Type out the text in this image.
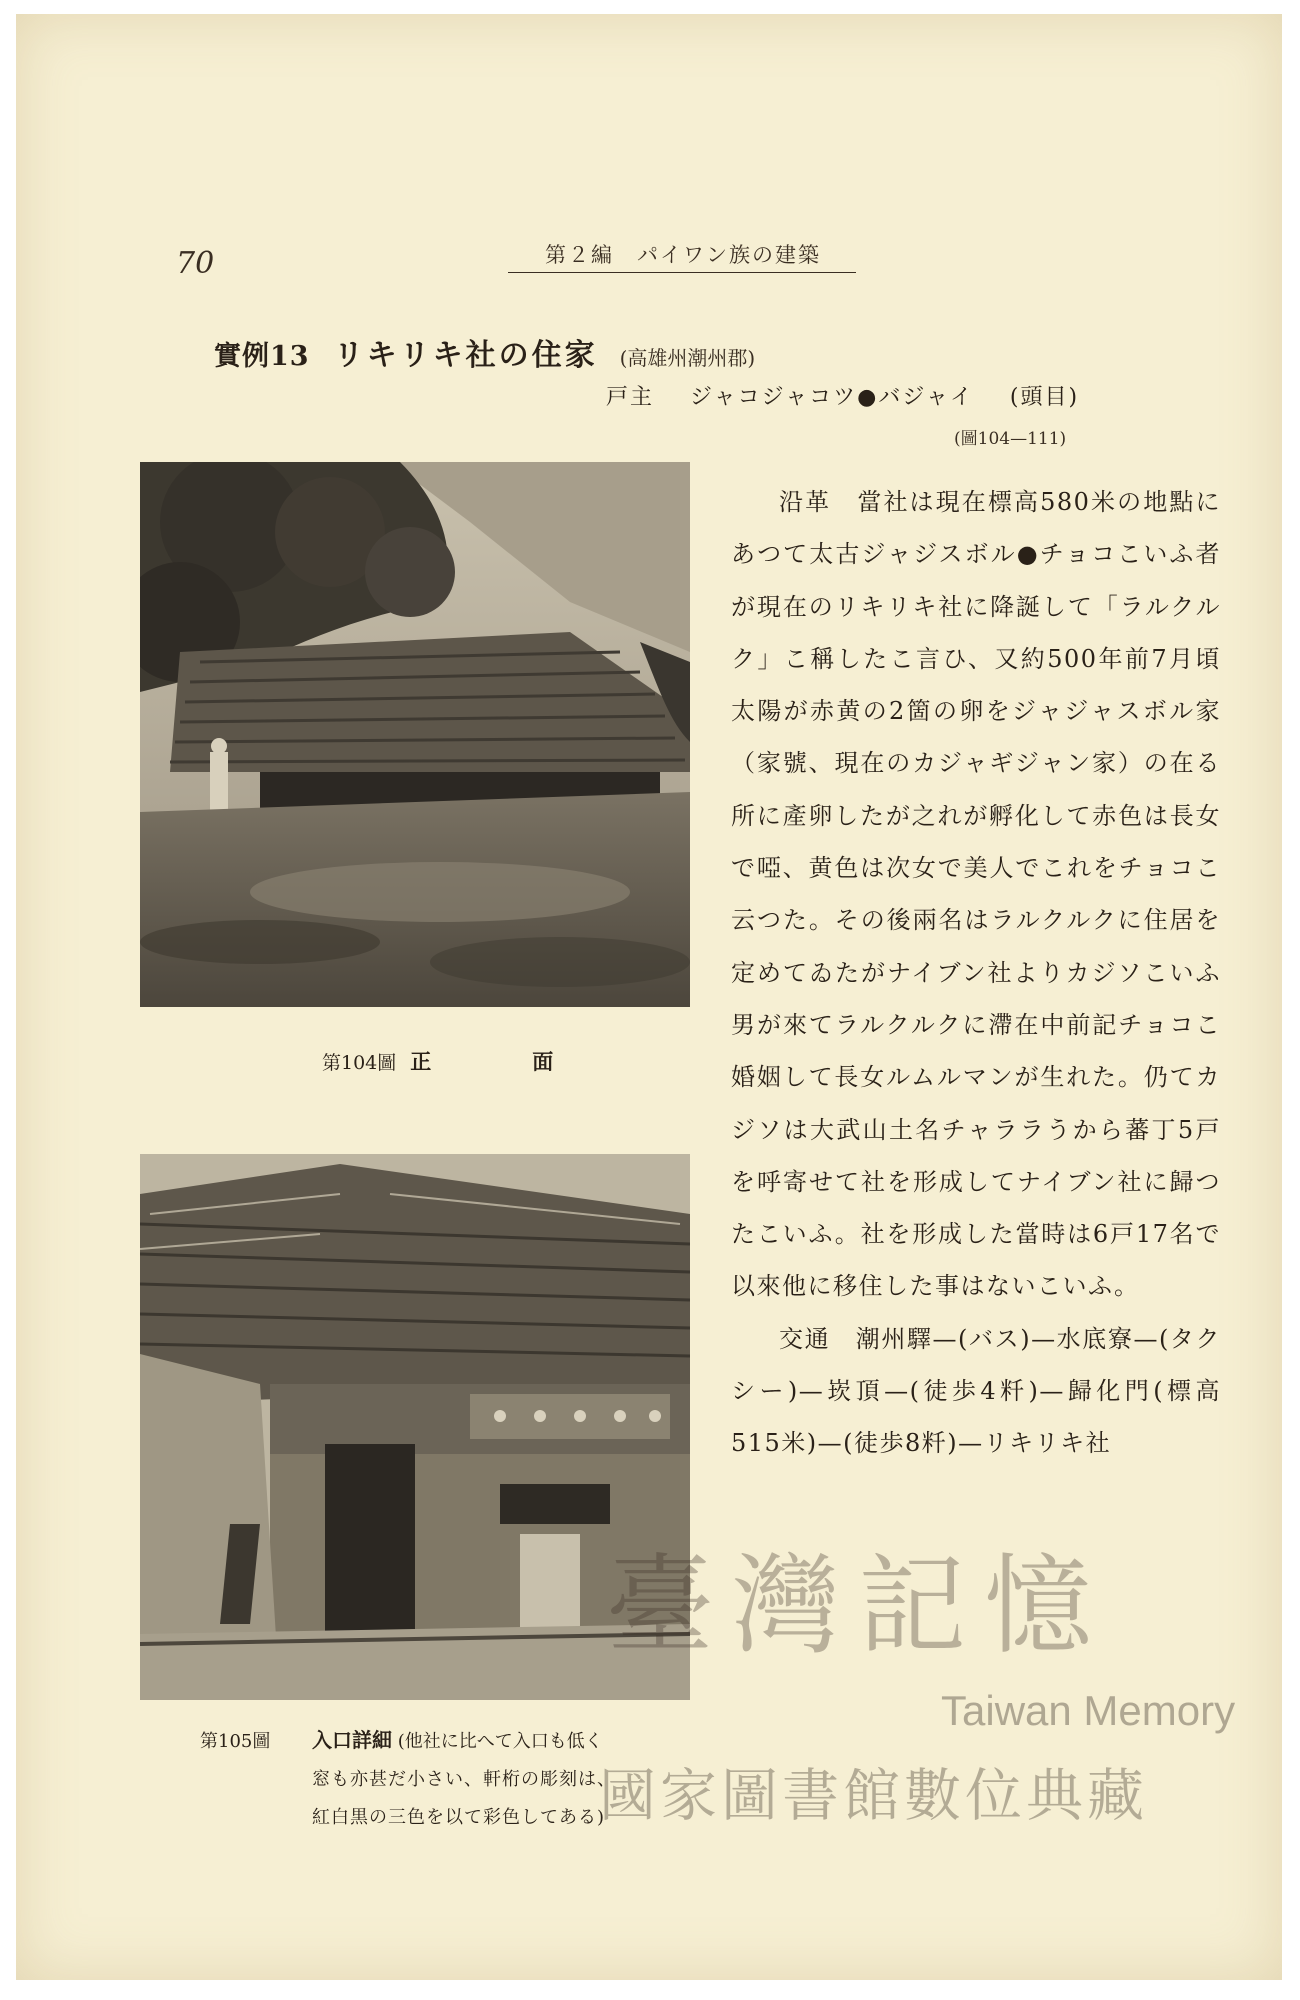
70	第２編　パイワン族の建築
實例13 リキリキ社の住家 (高雄州潮州郡)
戸主 ジャコジャコツ●バジャイ (頭目)
(圖104—111)
第104圖 正　面
第105圖 入口詳細 (他社に比へて入口も低く
窓も亦甚だ小さい、軒桁の彫刻は、
紅白黒の三色を以て彩色してある)

沿革　當社は現在標高580米の地點にあつて太古ジャジスボル●チョコこいふ者が現在のリキリキ社に降誕して「ラルクルク」こ稱したこ言ひ、又約500年前7月頃太陽が赤黄の2箇の卵をジャジャスボル家（家號、現在のカジャギジャン家）の在る所に產卵したが之れが孵化して赤色は長女で啞、黄色は次女で美人でこれをチョコこ云つた。その後兩名はラルクルクに住居を定めてゐたがナイブン社よりカジソこいふ男が來てラルクルクに滯在中前記チョコこ婚姻して長女ルムルマンが生れた。仍てカジソは大武山土名チャララうから蕃丁5戸を呼寄せて社を形成してナイブン社に歸つたこいふ。社を形成した當時は6戸17名で以來他に移住した事はないこいふ。

交通　潮州驛—(バス)—水底寮—(タクシー)—崁頂—(徒歩4粁)—歸化門(標高515米)—(徒歩8粁)—リキリキ社

臺灣記憶
Taiwan Memory
國家圖書館數位典藏
